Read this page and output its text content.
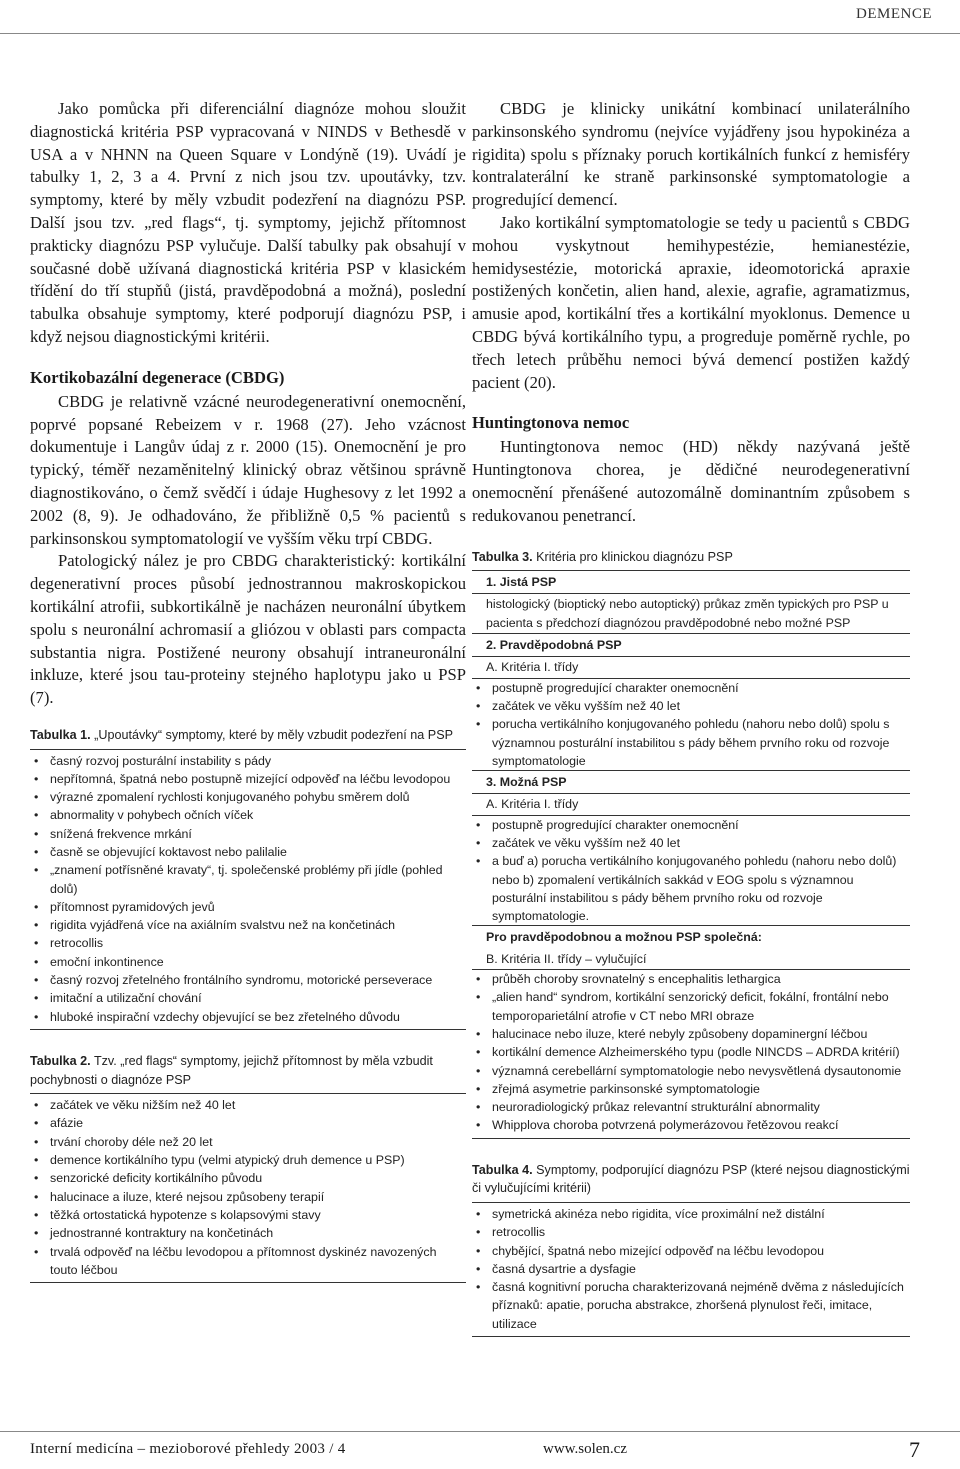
DEMENCE

Jako pomůcka při diferenciální diagnóze mohou sloužit diagnostická kritéria PSP vypracovaná v NINDS v Bethesdě v USA a v NHNN na Queen Square v Londýně (19). Uvádí je tabulky 1, 2, 3 a 4. První z nich jsou tzv. upoutávky, tzv. symptomy, které by měly vzbudit podezření na diagnózu PSP. Další jsou tzv. „red flags“, tj. symptomy, jejichž přítomnost prakticky diagnózu PSP vylučuje. Další tabulky pak obsahují v současné době užívaná diagnostická kritéria PSP v klasickém třídění do tří stupňů (jistá, pravděpodobná a možná), poslední tabulka obsahuje symptomy, které podporují diagnózu PSP, i když nejsou diagnostickými kritérii.

Kortikobazální degenerace (CBDG)

CBDG je relativně vzácné neurodegenerativní onemocnění, poprvé popsané Rebeizem v r. 1968 (27). Jeho vzácnost dokumentuje i Langův údaj z r. 2000 (15). Onemocnění je pro typický, téměř nezaměnitelný klinický obraz většinou správně diagnostikováno, o čemž svědčí i údaje Hughesovy z let 1992 a 2002 (8, 9). Je odhadováno, že přibližně 0,5 % pacientů s parkinsonskou symptomatologií ve vyšším věku trpí CBDG.

Patologický nález je pro CBDG charakteristický: kortikální degenerativní proces působí jednostrannou makroskopickou kortikální atrofii, subkortikálně je nacházen neuronální úbytkem spolu s neuronální achromasií a gliózou v oblasti pars compacta substantia nigra. Postižené neurony obsahují intraneuronální inkluze, které jsou tau-proteiny stejného haplotypu jako u PSP (7).

Tabulka 1. „Upoutávky“ symptomy, které by měly vzbudit podezření na PSP
• časný rozvoj posturální instability s pády
• nepřítomná, špatná nebo postupně mizející odpověď na léčbu levodopou
• výrazné zpomalení rychlosti konjugovaného pohybu směrem dolů
• abnormality v pohybech očních víček
• snížená frekvence mrkání
• časně se objevující koktavost nebo palilalie
• „znamení potřísněné kravaty“, tj. společenské problémy při jídle (pohled dolů)
• přítomnost pyramidových jevů
• rigidita vyjádřená více na axiálním svalstvu než na končetinách
• retrocollis
• emoční inkontinence
• časný rozvoj zřetelného frontálního syndromu, motorické perseverace
• imitační a utilizační chování
• hluboké inspirační vzdechy objevující se bez zřetelného důvodu
Tabulka 2. Tzv. „red flags“ symptomy, jejichž přítomnost by měla vzbudit pochybnosti o diagnóze PSP
• začátek ve věku nižším než 40 let
• afázie
• trvání choroby déle než 20 let
• demence kortikálního typu (velmi atypický druh demence u PSP)
• senzorické deficity kortikálního původu
• halucinace a iluze, které nejsou způsobeny terapií
• těžká ortostatická hypotenze s kolapsovými stavy
• jednostranné kontraktury na končetinách
• trvalá odpověď na léčbu levodopou a přítomnost dyskinéz navozených touto léčbou

CBDG je klinicky unikátní kombinací unilaterálního parkinsonského syndromu (nejvíce vyjádřeny jsou hypokinéza a rigidita) spolu s příznaky poruch kortikálních funkcí z hemisféry kontralaterální ke straně parkinsonské symptomatologie a progredující demencí.

Jako kortikální symptomatologie se tedy u pacientů s CBDG mohou vyskytnout hemihypestézie, hemianestézie, hemidysestézie, motorická apraxie, ideomotorická apraxie postižených končetin, alien hand, alexie, agrafie, agramatizmus, amusie apod, kortikální třes a kortikální myoklonus. Demence u CBDG bývá kortikálního typu, a progreduje poměrně rychle, po třech letech průběhu nemoci bývá demencí postižen každý pacient (20).

Huntingtonova nemoc

Huntingtonova nemoc (HD) někdy nazývaná ještě Huntingtonova chorea, je dědičné neurodegenerativní onemocnění přenášené autozomálně dominantním způsobem s redukovanou penetrancí.

Tabulka 3. Kritéria pro klinickou diagnózu PSP
1. Jistá PSP
histologický (bioptický nebo autoptický) průkaz změn typických pro PSP u pacienta s předchozí diagnózou pravděpodobné nebo možné PSP
2. Pravděpodobná PSP
A. Kritéria I. třídy
• postupně progredující charakter onemocnění
• začátek ve věku vyšším než 40 let
• porucha vertikálního konjugovaného pohledu (nahoru nebo dolů) spolu s významnou posturální instabilitou s pády během prvního roku od rozvoje symptomatologie
3. Možná PSP
A. Kritéria I. třídy
• postupně progredující charakter onemocnění
• začátek ve věku vyšším než 40 let
• a buď a) porucha vertikálního konjugovaného pohledu (nahoru nebo dolů) nebo b) zpomalení vertikálních sakkád v EOG spolu s významnou posturální instabilitou s pády během prvního roku od rozvoje symptomatologie.
Pro pravděpodobnou a možnou PSP společná:
B. Kritéria II. třídy – vylučující
• průběh choroby srovnatelný s encephalitis lethargica
• „alien hand“ syndrom, kortikální senzorický deficit, fokální, frontální nebo temporoparietální atrofie v CT nebo MRI obraze
• halucinace nebo iluze, které nebyly způsobeny dopaminergní léčbou
• kortikální demence Alzheimerského typu (podle NINCDS – ADRDA kritérií)
• významná cerebellární symptomatologie nebo nevysvětlená dysautonomie
• zřejmá asymetrie parkinsonské symptomatologie
• neuroradiologický průkaz relevantní strukturální abnormality
• Whipplova choroba potvrzená polymerázovou řetězovou reakcí
Tabulka 4. Symptomy, podporující diagnózu PSP (které nejsou diagnostickými či vylučujícími kritérii)
• symetrická akinéza nebo rigidita, více proximální než distální
• retrocollis
• chybějící, špatná nebo mizející odpověď na léčbu levodopou
• časná dysartrie a dysfagie
• časná kognitivní porucha charakterizovaná nejméně dvěma z následujících příznaků: apatie, porucha abstrakce, zhoršená plynulost řeči, imitace, utilizace
Interní medicína – mezioborové přehledy 2003 / 4	www.solen.cz	7
